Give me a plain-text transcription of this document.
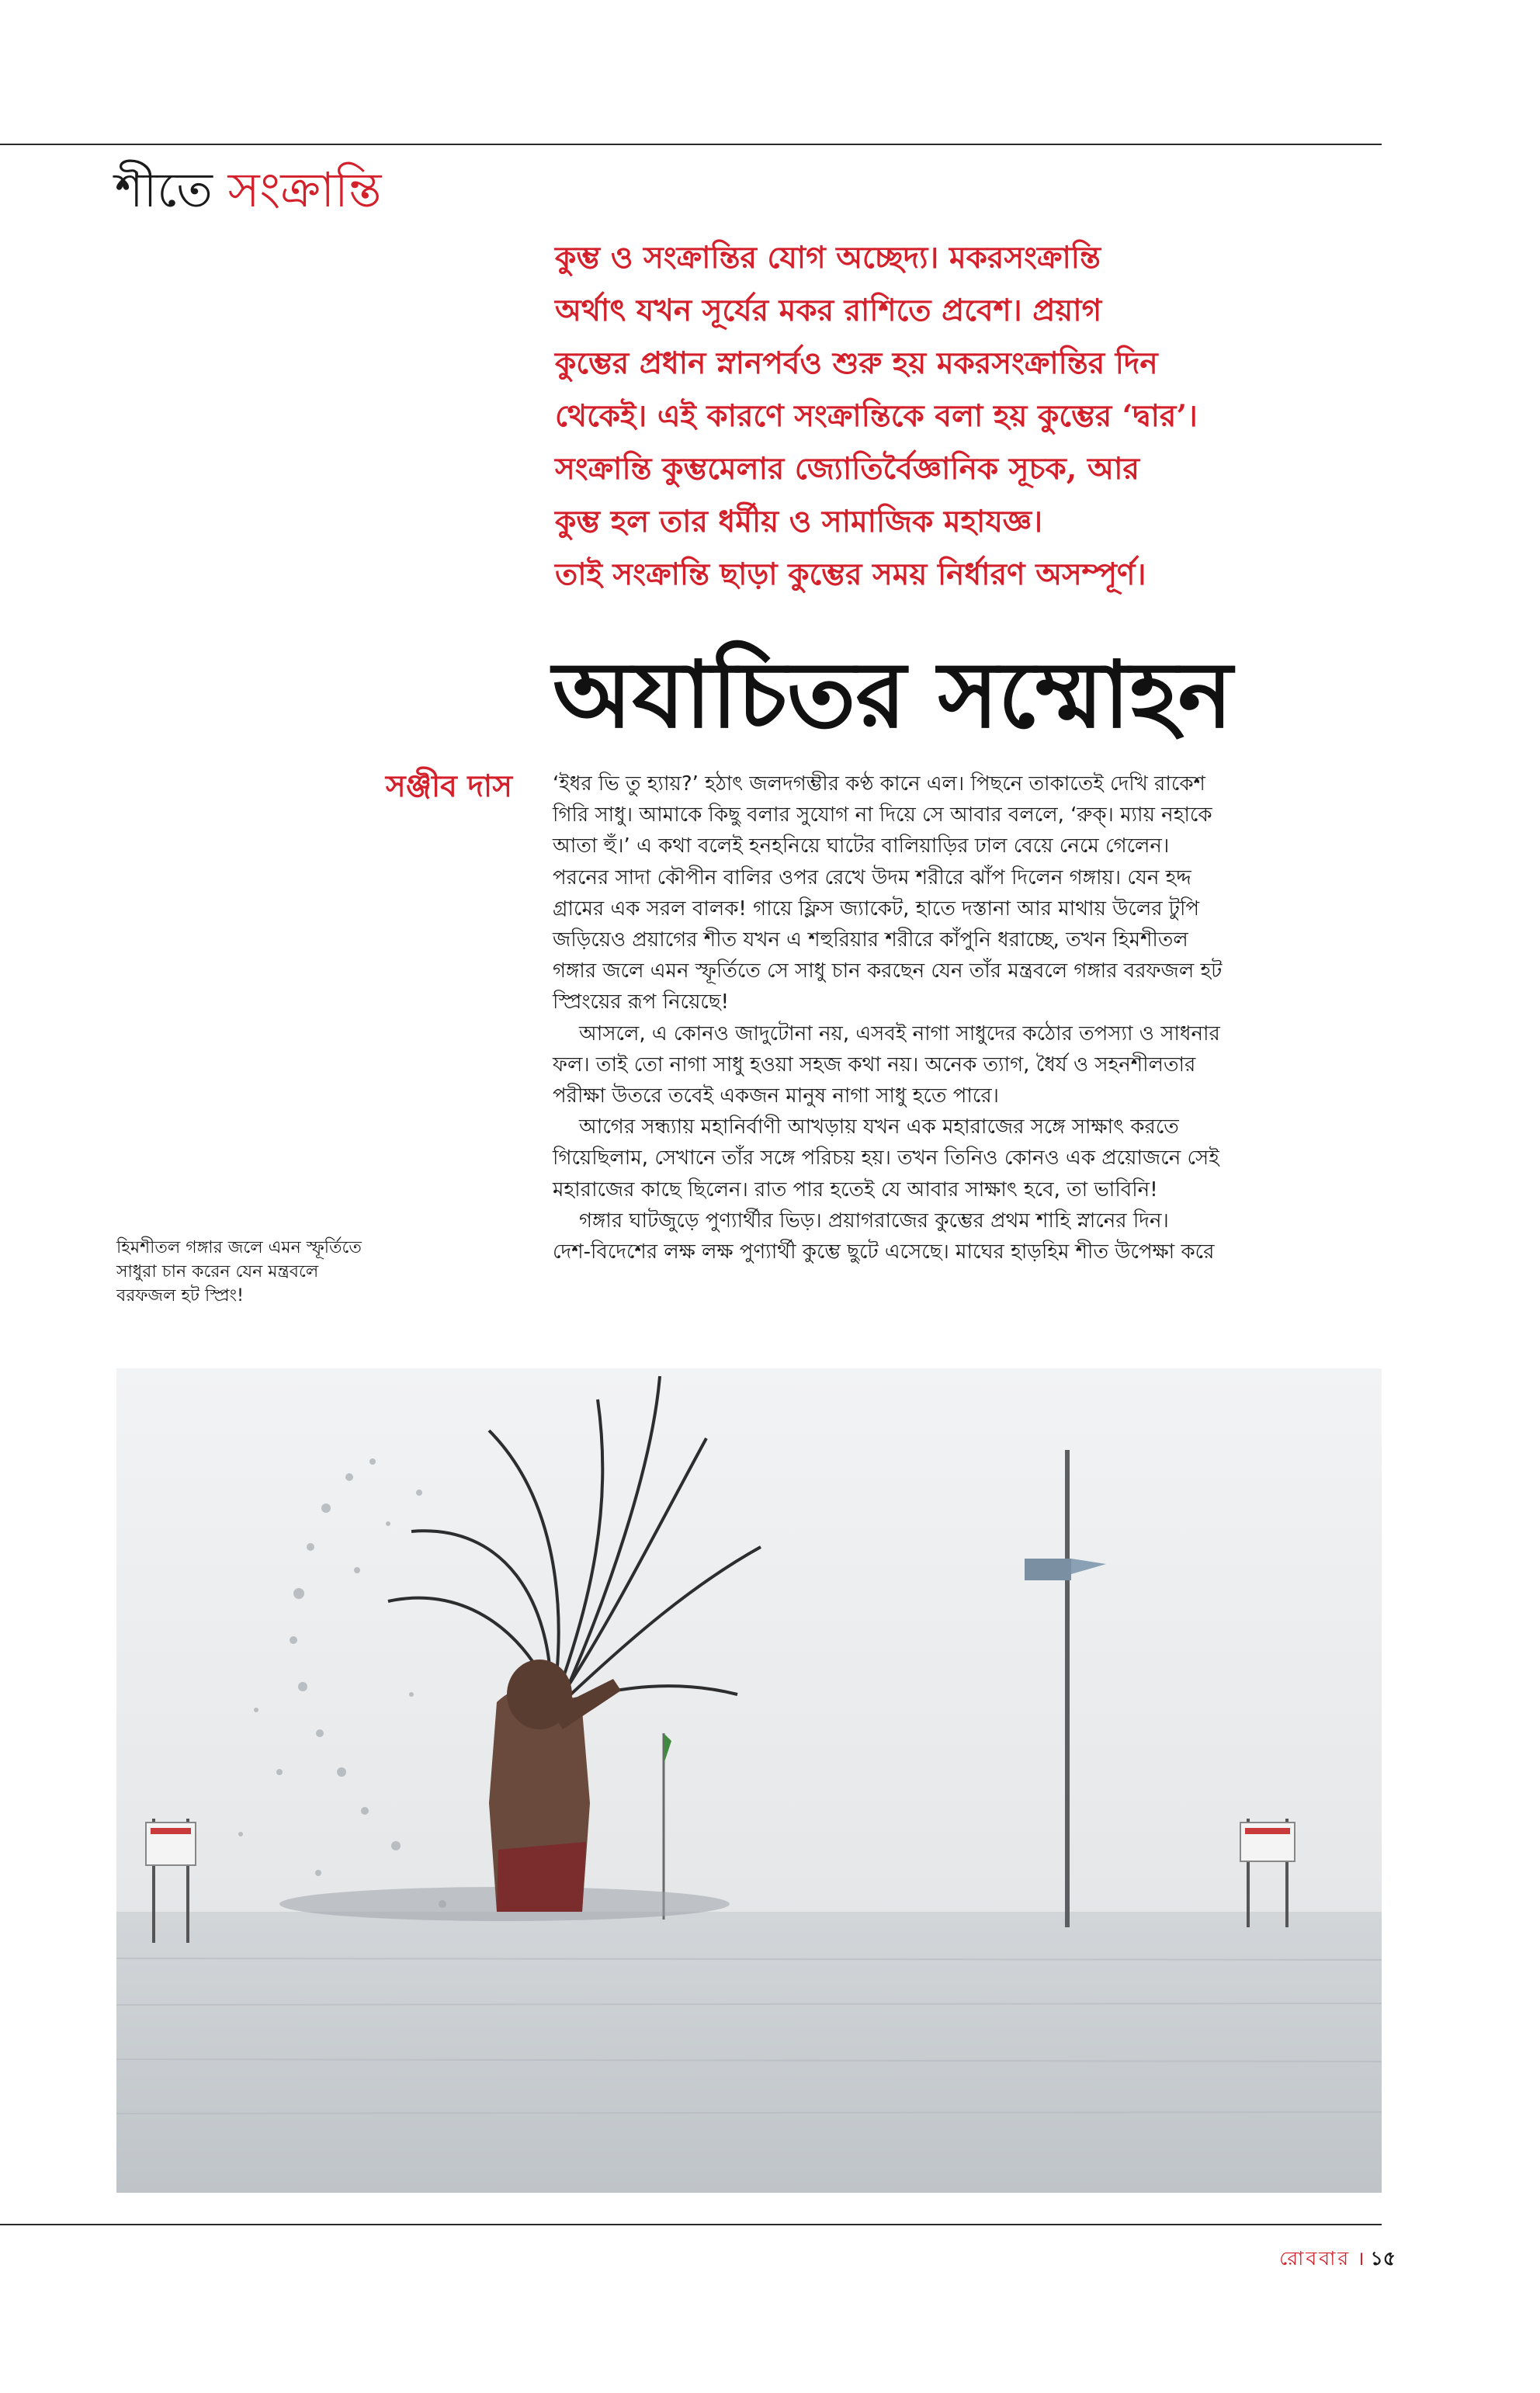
শীতে সংক্রান্তি
কুম্ভ ও সংক্রান্তির যোগ অচ্ছেদ্য। মকরসংক্রান্তি
অর্থাৎ যখন সূর্যের মকর রাশিতে প্রবেশ। প্রয়াগ
কুম্ভের প্রধান স্নানপর্বও শুরু হয় মকরসংক্রান্তির দিন
থেকেই। এই কারণে সংক্রান্তিকে বলা হয় কুম্ভের ‘দ্বার’।
সংক্রান্তি কুম্ভমেলার জ্যোতির্বৈজ্ঞানিক সূচক, আর
কুম্ভ হল তার ধর্মীয় ও সামাজিক মহাযজ্ঞ।
তাই সংক্রান্তি ছাড়া কুম্ভের সময় নির্ধারণ অসম্পূর্ণ।
অযাচিতর সম্মোহন
সঞ্জীব দাস ‘ইধর ভি তু হ্যায়?’ হঠাৎ জলদগম্ভীর কণ্ঠ কানে এল। পিছনে তাকাতেই দেখি রাকেশ
গিরি সাধু। আমাকে কিছু বলার সুযোগ না দিয়ে সে আবার বললে, ‘রুক্‌। ম্যায় নহাকে
আতা হুঁ।’ এ কথা বলেই হনহনিয়ে ঘাটের বালিয়াড়ির ঢাল বেয়ে নেমে গেলেন।
পরনের সাদা কৌপীন বালির ওপর রেখে উদম শরীরে ঝাঁপ দিলেন গঙ্গায়। যেন হদ্দ
গ্রামের এক সরল বালক! গায়ে ফ্লিস জ্যাকেট, হাতে দস্তানা আর মাথায় উলের টুপি
জড়িয়েও প্রয়াগের শীত যখন এ শহুরিয়ার শরীরে কাঁপুনি ধরাচ্ছে, তখন হিমশীতল
গঙ্গার জলে এমন স্ফূর্তিতে সে সাধু চান করছেন যেন তাঁর মন্ত্রবলে গঙ্গার বরফজল হট
স্প্রিংয়ের রূপ নিয়েছে!
আসলে, এ কোনও জাদুটোনা নয়, এসবই নাগা সাধুদের কঠোর তপস্যা ও সাধনার
ফল। তাই তো নাগা সাধু হওয়া সহজ কথা নয়। অনেক ত্যাগ, ধৈর্য ও সহনশীলতার
পরীক্ষা উতরে তবেই একজন মানুষ নাগা সাধু হতে পারে।
আগের সন্ধ্যায় মহানির্বাণী আখড়ায় যখন এক মহারাজের সঙ্গে সাক্ষাৎ করতে
গিয়েছিলাম, সেখানে তাঁর সঙ্গে পরিচয় হয়। তখন তিনিও কোনও এক প্রয়োজনে সেই
মহারাজের কাছে ছিলেন। রাত পার হতেই যে আবার সাক্ষাৎ হবে, তা ভাবিনি!
গঙ্গার ঘাটজুড়ে পুণ্যার্থীর ভিড়। প্রয়াগরাজের কুম্ভের প্রথম শাহি স্নানের দিন।
দেশ-বিদেশের লক্ষ লক্ষ পুণ্যার্থী কুম্ভে ছুটে এসেছে। মাঘের হাড়হিম শীত উপেক্ষা করে
হিমশীতল গঙ্গার জলে এমন স্ফূর্তিতে
সাধুরা চান করেন যেন মন্ত্রবলে
বরফজল হট স্প্রিং!
রোববার । ১৫
